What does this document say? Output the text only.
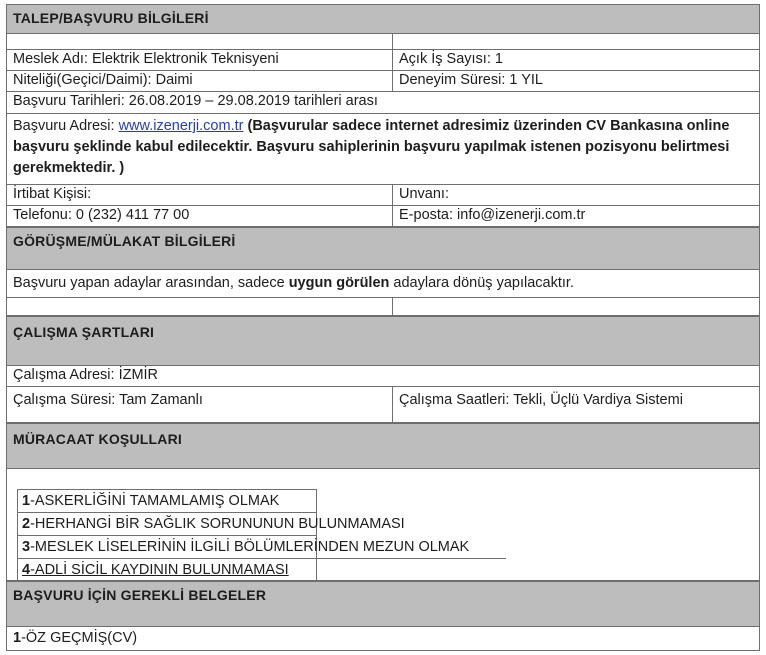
TALEP/BAŞVURU BİLGİLERİ
Meslek Adı: Elektrik Elektronik Teknisyeni	Açık İş Sayısı: 1
Niteliği(Geçici/Daimi): Daimi	Deneyim Süresi: 1 YIL
Başvuru Tarihleri: 26.08.2019 – 29.08.2019 tarihleri arası
Başvuru Adresi: www.izenerji.com.tr (Başvurular sadece internet adresimiz üzerinden CV Bankasına online başvuru şeklinde kabul edilecektir. Başvuru sahiplerinin başvuru yapılmak istenen pozisyonu belirtmesi gerekmektedir. )
İrtibat Kişisi:	Unvanı:
Telefonu: 0 (232) 411 77 00	E-posta: info@izenerji.com.tr
GÖRÜŞME/MÜLAKAT BİLGİLERİ
Başvuru yapan adaylar arasından, sadece uygun görülen adaylara dönüş yapılacaktır.
ÇALIŞMA ŞARTLARI
Çalışma Adresi: İZMİR
Çalışma Süresi: Tam Zamanlı	Çalışma Saatleri: Tekli, Üçlü Vardiya Sistemi
MÜRACAAT KOŞULLARI
1-ASKERLİĞİNİ TAMAMLAMIŞ OLMAK
2-HERHANGİ BİR SAĞLIK SORUNUNUN BULUNMAMASI
3-MESLEK LİSELERİNİN İLGİLİ BÖLÜMLERİNDEN MEZUN OLMAK
4-ADLİ SİCİL KAYDININ BULUNMAMASI
BAŞVURU İÇİN GEREKLİ BELGELER
1-ÖZ GEÇMİŞ(CV)
